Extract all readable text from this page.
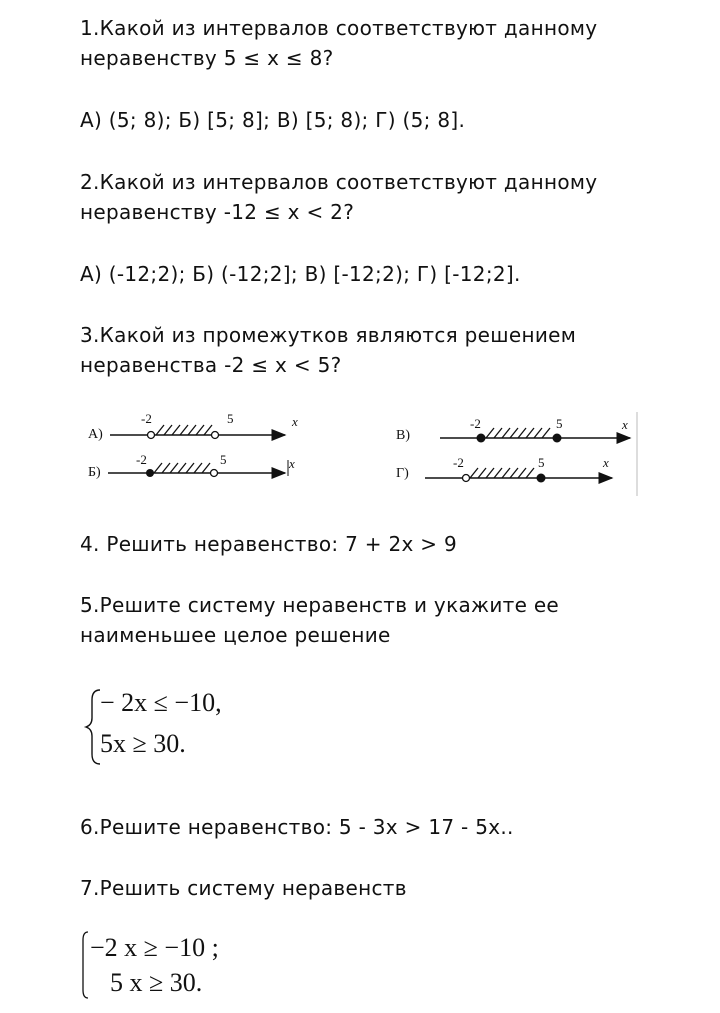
1.Какой из интервалов соответствуют данному
неравенству 5 ≤ x ≤ 8?
А) (5; 8); Б) [5; 8]; В) [5; 8); Г) (5; 8].
2.Какой из интервалов соответствуют данному
неравенству -12 ≤ x < 2?
А) (-12;2); Б) (-12;2]; В) [-12;2); Г) [-12;2].
3.Какой из промежутков являются решением
неравенства -2 ≤ x < 5?
А)
-2	5	x
Б)
-2	5	x
В)
-2	5	x
Г)
-2	5	x
4. Решить неравенство: 7 + 2x > 9
5.Решите систему неравенств и укажите ее
наименьшее целое решение
− 2x ≤ −10,
5x ≥ 30.
6.Решите неравенство: 5 - 3x > 17 - 5x..
7.Решить систему неравенств
−2 x ≥ −10 ;
5 x ≥ 30.
